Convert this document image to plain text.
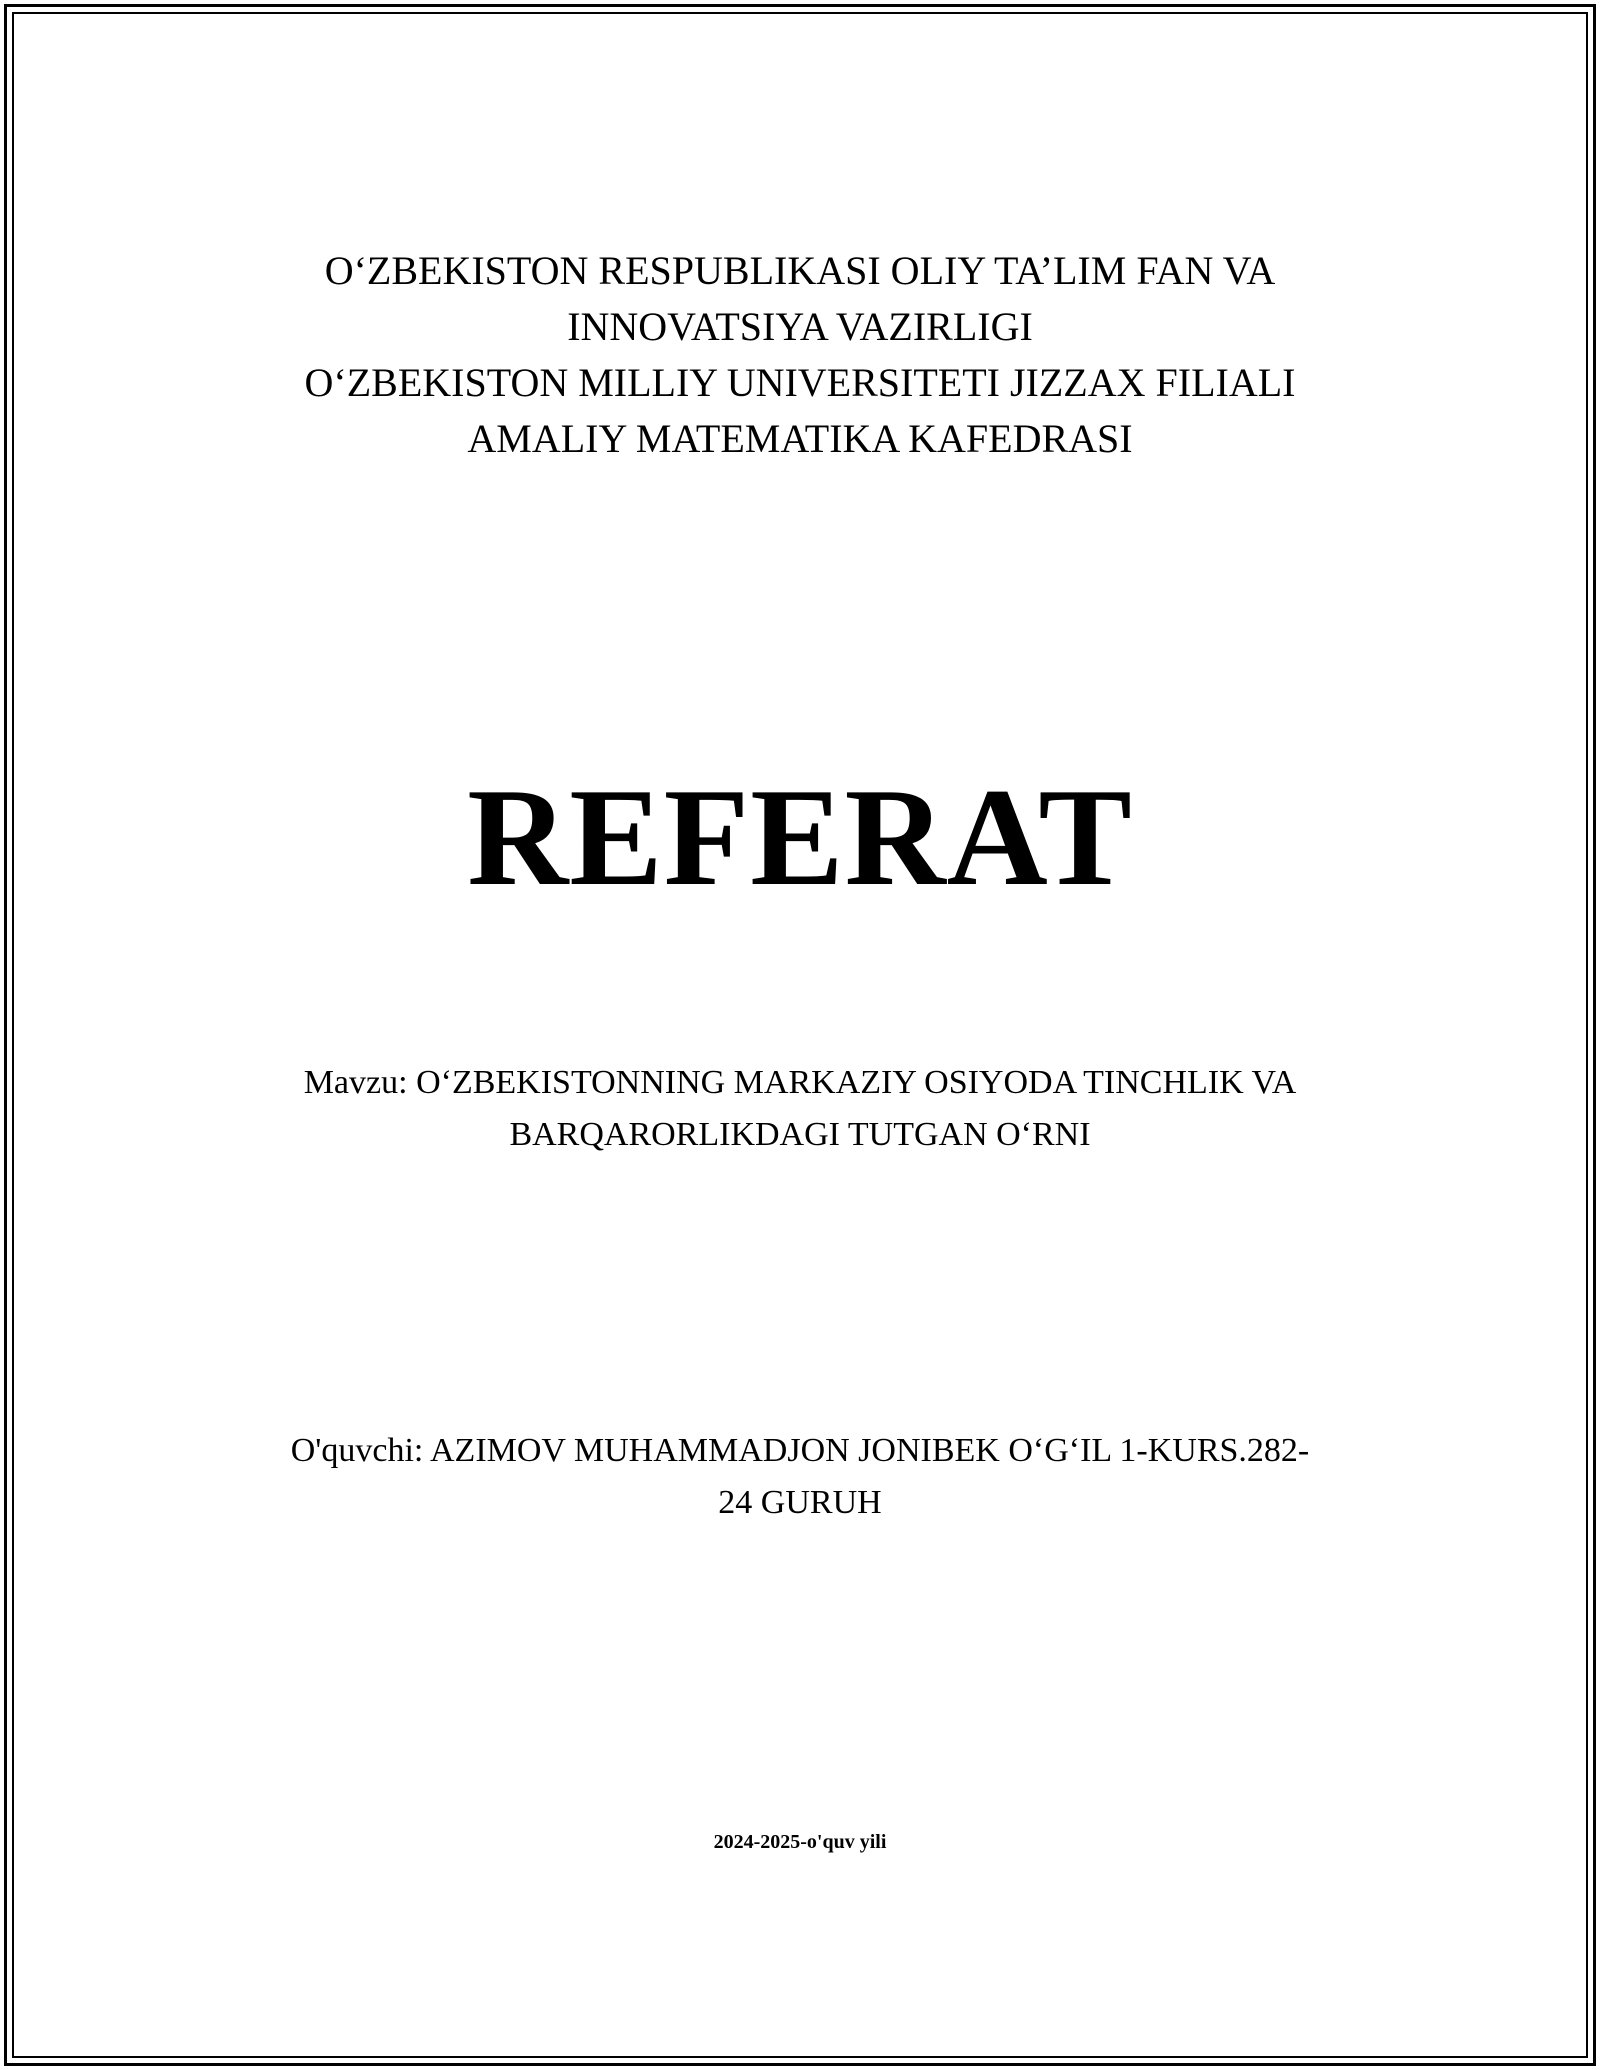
O‘ZBEKISTON RESPUBLIKASI OLIY TA’LIM FAN VA
INNOVATSIYA VAZIRLIGI
O‘ZBEKISTON MILLIY UNIVERSITETI JIZZAX FILIALI
AMALIY MATEMATIKA KAFEDRASI
REFERAT
Mavzu: O‘ZBEKISTONNING MARKAZIY OSIYODA TINCHLIK VA
BARQARORLIKDAGI TUTGAN O‘RNI
O'quvchi: AZIMOV MUHAMMADJON JONIBEK O‘G‘IL 1-KURS.282-
24 GURUH
2024-2025-o'quv yili
